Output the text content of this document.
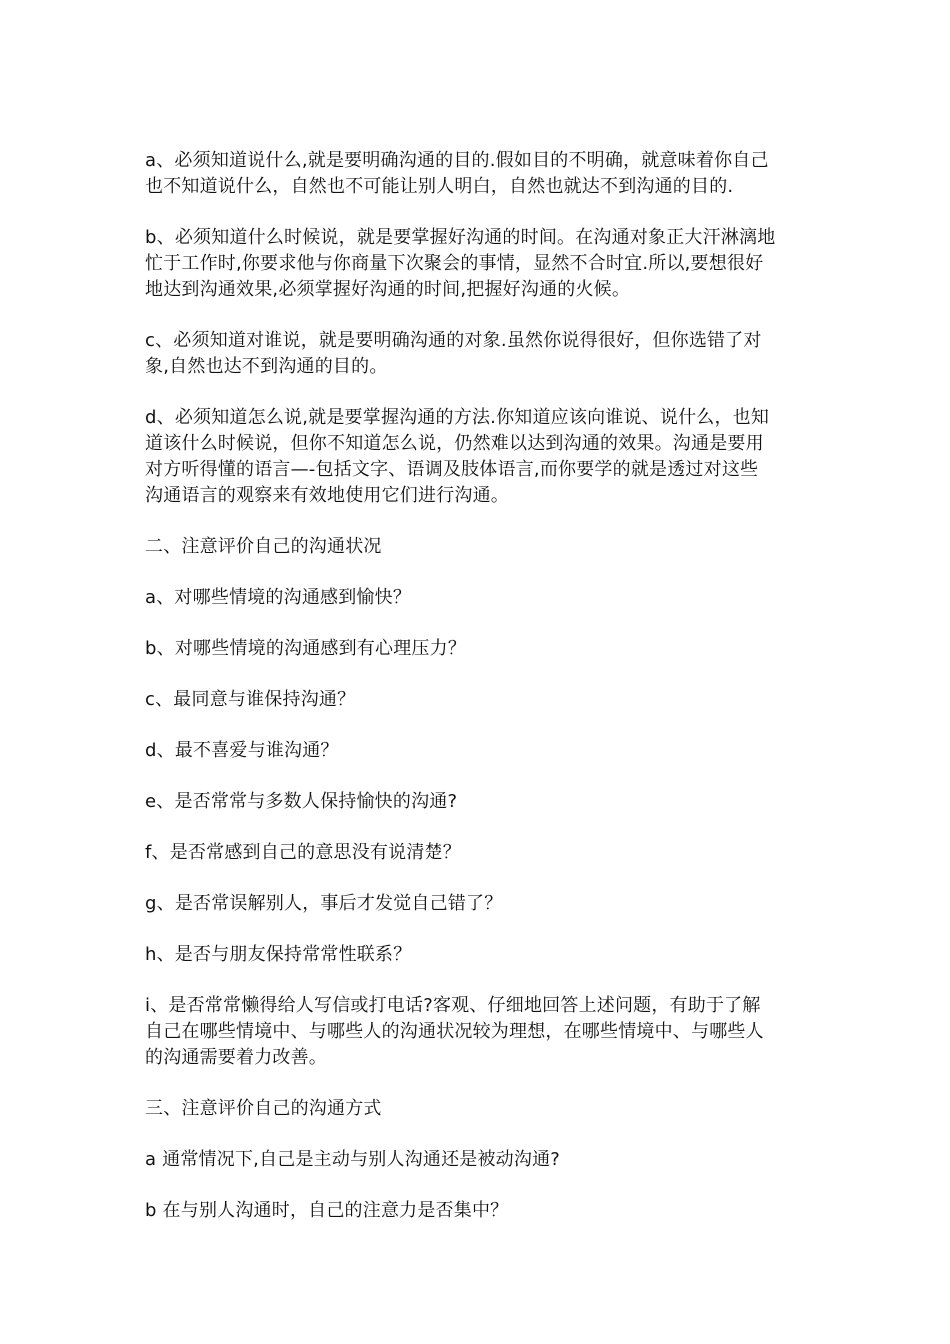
a、必须知道说什么,就是要明确沟通的目的.假如目的不明确，就意味着你自己
也不知道说什么，自然也不可能让别人明白，自然也就达不到沟通的目的.

b、必须知道什么时候说，就是要掌握好沟通的时间。在沟通对象正大汗淋漓地
忙于工作时,你要求他与你商量下次聚会的事情，显然不合时宜.所以,要想很好
地达到沟通效果,必须掌握好沟通的时间,把握好沟通的火候。

c、必须知道对谁说，就是要明确沟通的对象.虽然你说得很好，但你选错了对
象,自然也达不到沟通的目的。

d、必须知道怎么说,就是要掌握沟通的方法.你知道应该向谁说、说什么，也知
道该什么时候说，但你不知道怎么说，仍然难以达到沟通的效果。沟通是要用
对方听得懂的语言—-包括文字、语调及肢体语言,而你要学的就是透过对这些
沟通语言的观察来有效地使用它们进行沟通。

二、注意评价自己的沟通状况

a、对哪些情境的沟通感到愉快？

b、对哪些情境的沟通感到有心理压力？

c、最同意与谁保持沟通？

d、最不喜爱与谁沟通？

e、是否常常与多数人保持愉快的沟通?

f、是否常感到自己的意思没有说清楚？

g、是否常误解别人，事后才发觉自己错了？

h、是否与朋友保持常常性联系？

i、是否常常懒得给人写信或打电话?客观、仔细地回答上述问题，有助于了解
自己在哪些情境中、与哪些人的沟通状况较为理想，在哪些情境中、与哪些人
的沟通需要着力改善。

三、注意评价自己的沟通方式

a 通常情况下,自己是主动与别人沟通还是被动沟通?

b 在与别人沟通时，自己的注意力是否集中？
